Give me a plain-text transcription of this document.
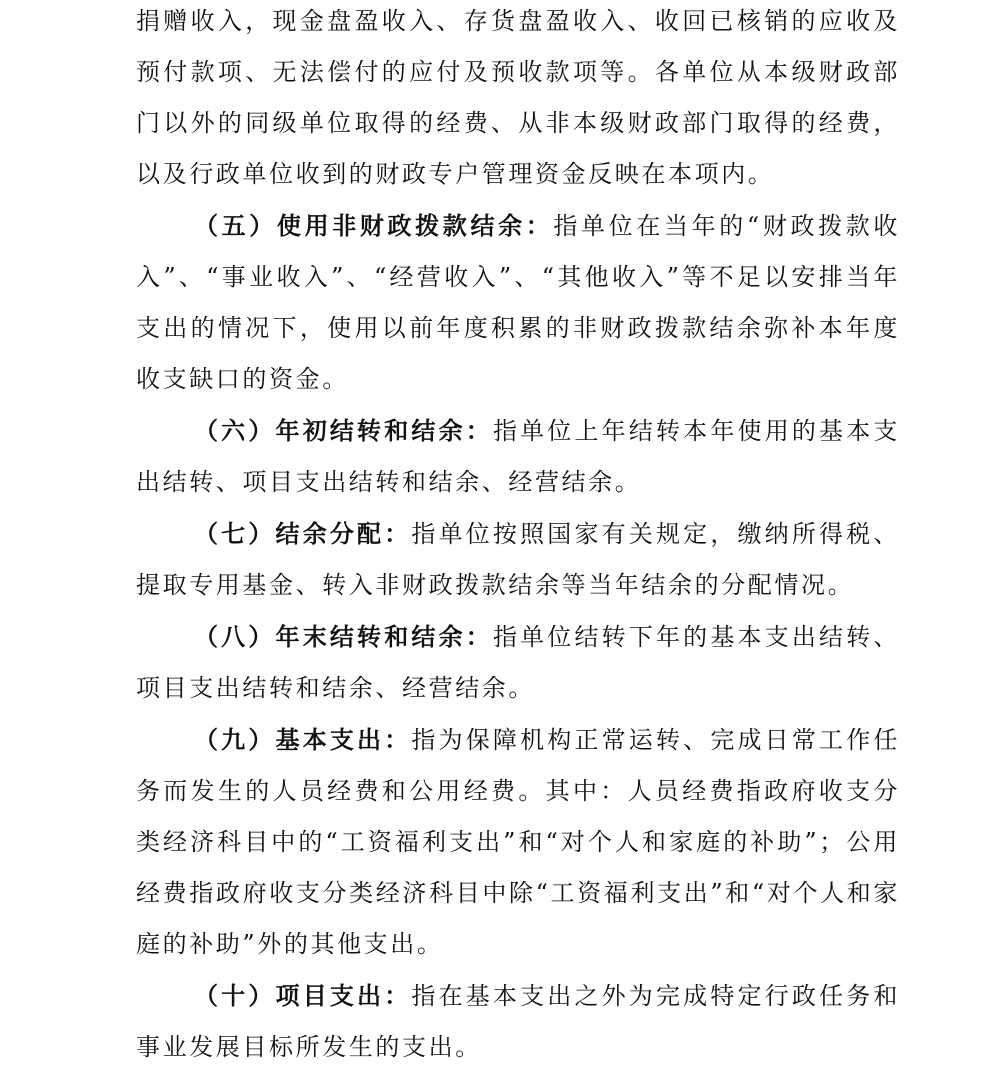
捐赠收入，现金盘盈收入、存货盘盈收入、收回已核销的应收及预付款项、无法偿付的应付及预收款项等。各单位从本级财政部门以外的同级单位取得的经费、从非本级财政部门取得的经费，以及行政单位收到的财政专户管理资金反映在本项内。

（五）使用非财政拨款结余：指单位在当年的“财政拨款收入”、“事业收入”、“经营收入”、“其他收入”等不足以安排当年支出的情况下，使用以前年度积累的非财政拨款结余弥补本年度收支缺口的资金。

（六）年初结转和结余：指单位上年结转本年使用的基本支出结转、项目支出结转和结余、经营结余。

（七）结余分配：指单位按照国家有关规定，缴纳所得税、提取专用基金、转入非财政拨款结余等当年结余的分配情况。

（八）年末结转和结余：指单位结转下年的基本支出结转、项目支出结转和结余、经营结余。

（九）基本支出：指为保障机构正常运转、完成日常工作任务而发生的人员经费和公用经费。其中：人员经费指政府收支分类经济科目中的“工资福利支出”和“对个人和家庭的补助”；公用经费指政府收支分类经济科目中除“工资福利支出”和“对个人和家庭的补助”外的其他支出。

（十）项目支出：指在基本支出之外为完成特定行政任务和事业发展目标所发生的支出。
